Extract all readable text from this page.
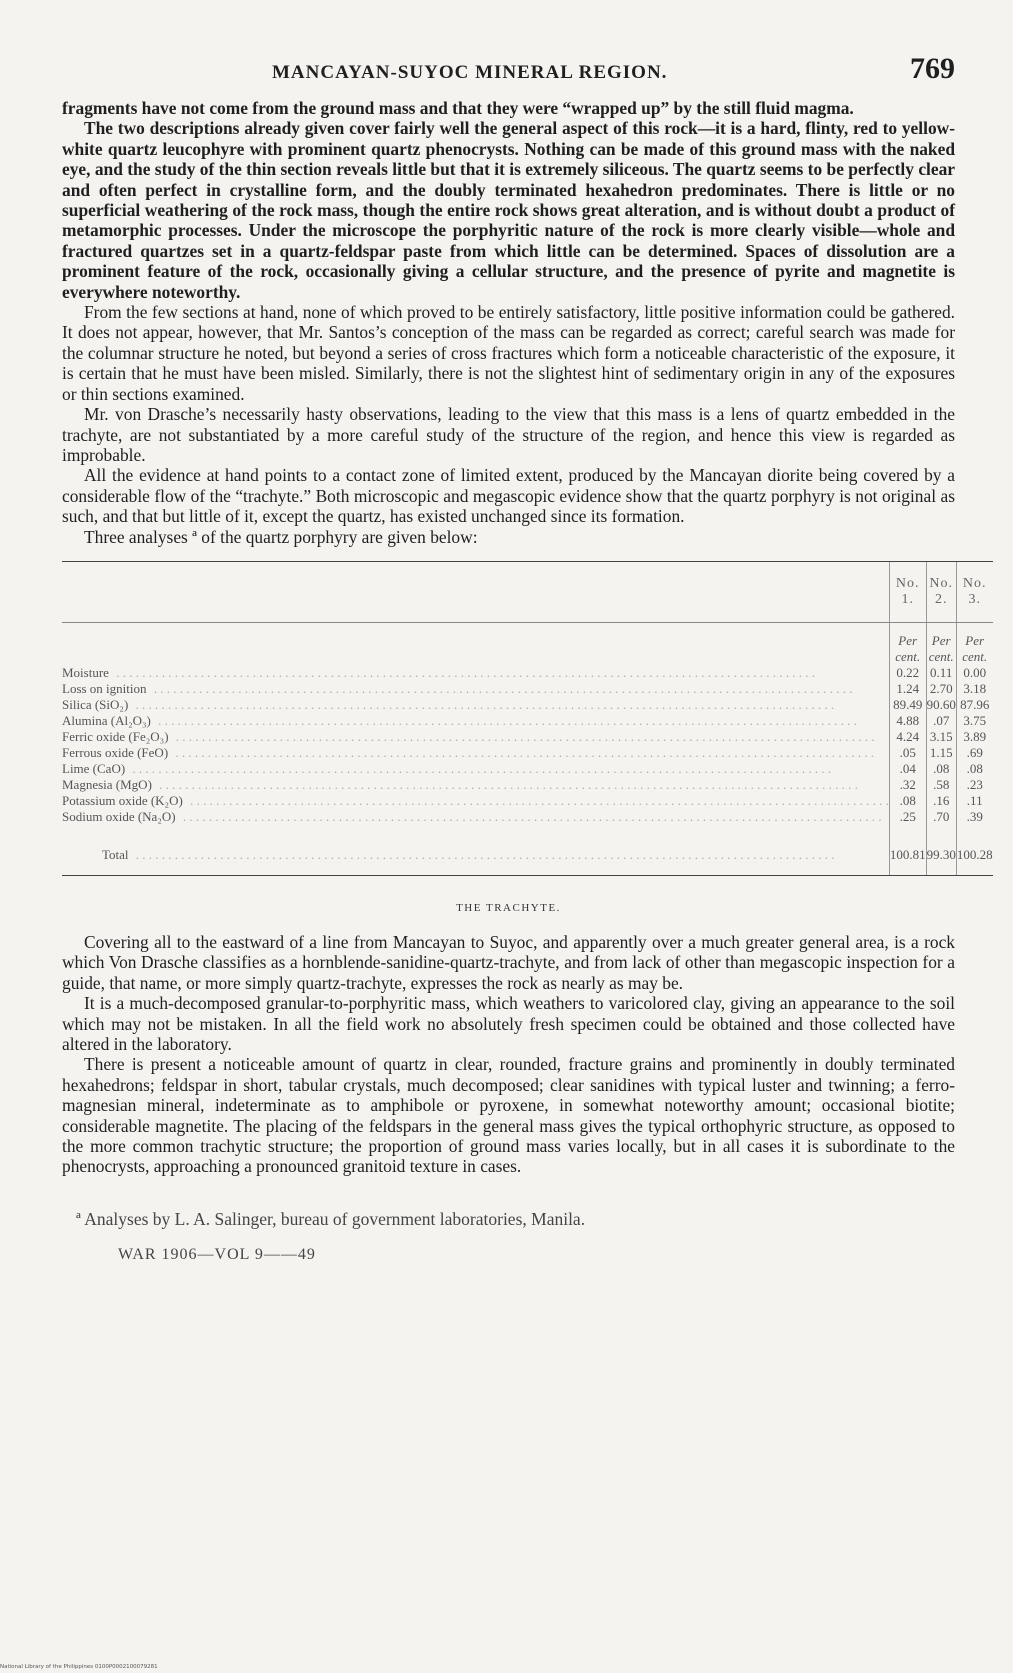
MANCAYAN-SUYOC MINERAL REGION.	769

fragments have not come from the ground mass and that they were “wrapped up” by the still fluid magma.

The two descriptions already given cover fairly well the general aspect of this rock—it is a hard, flinty, red to yellow-white quartz leucophyre with prominent quartz phenocrysts. Nothing can be made of this ground mass with the naked eye, and the study of the thin section reveals little but that it is extremely siliceous. The quartz seems to be perfectly clear and often perfect in crystalline form, and the doubly terminated hexahedron predominates. There is little or no superficial weathering of the rock mass, though the entire rock shows great alteration, and is without doubt a product of metamorphic processes. Under the microscope the porphyritic nature of the rock is more clearly visible—whole and fractured quartzes set in a quartz-feldspar paste from which little can be determined. Spaces of dissolution are a prominent feature of the rock, occasionally giving a cellular structure, and the presence of pyrite and magnetite is everywhere noteworthy.

From the few sections at hand, none of which proved to be entirely satisfactory, little positive information could be gathered. It does not appear, however, that Mr. Santos’s conception of the mass can be regarded as correct; careful search was made for the columnar structure he noted, but beyond a series of cross fractures which form a noticeable characteristic of the exposure, it is certain that he must have been misled. Similarly, there is not the slightest hint of sedimentary origin in any of the exposures or thin sections examined.

Mr. von Drasche’s necessarily hasty observations, leading to the view that this mass is a lens of quartz embedded in the trachyte, are not substantiated by a more careful study of the structure of the region, and hence this view is regarded as improbable.

All the evidence at hand points to a contact zone of limited extent, produced by the Mancayan diorite being covered by a considerable flow of the “trachyte.” Both microscopic and megascopic evidence show that the quartz porphyry is not original as such, and that but little of it, except the quartz, has existed unchanged since its formation.

Three analyses ª of the quartz porphyry are given below:

	No. 1.	No. 2.	No. 3.
	Per cent.	Per cent.	Per cent.

Moisture . . .	0.22	0.11	0.00

Loss on ignition . . .	1.24	2.70	3.18

Silica (SiO₂) . . .	89.49	90.60	87.96

Alumina (Al₂O₃) . . .	4.88	.07	3.75

Ferric oxide (Fe₂O₃) . . .	4.24	3.15	3.89

Ferrous oxide (FeO) . . .	.05	1.15	.69

Lime (CaO) . . .	.04	.08	.08

Magnesia (MgO) . . .	.32	.58	.23

Potassium oxide (K₂O) . . .	.08	.16	.11

Sodium oxide (Na₂O) . . .	.25	.70	.39

Total . . .	100.81	99.30	100.28
THE TRACHYTE.

Covering all to the eastward of a line from Mancayan to Suyoc, and apparently over a much greater general area, is a rock which Von Drasche classifies as a hornblende-sanidine-quartz-trachyte, and from lack of other than megascopic inspection for a guide, that name, or more simply quartz-trachyte, expresses the rock as nearly as may be.

It is a much-decomposed granular-to-porphyritic mass, which weathers to varicolored clay, giving an appearance to the soil which may not be mistaken. In all the field work no absolutely fresh specimen could be obtained and those collected have altered in the laboratory.

There is present a noticeable amount of quartz in clear, rounded, fracture grains and prominently in doubly terminated hexahedrons; feldspar in short, tabular crystals, much decomposed; clear sanidines with typical luster and twinning; a ferro-magnesian mineral, indeterminate as to amphibole or pyroxene, in somewhat noteworthy amount; occasional biotite; considerable magnetite. The placing of the feldspars in the general mass gives the typical orthophyric structure, as opposed to the more common trachytic structure; the proportion of ground mass varies locally, but in all cases it is subordinate to the phenocrysts, approaching a pronounced granitoid texture in cases.

ª Analyses by L. A. Salinger, bureau of government laboratories, Manila.
WAR 1906—VOL 9——49
National Library of the Philippines 0100P0002100079281
